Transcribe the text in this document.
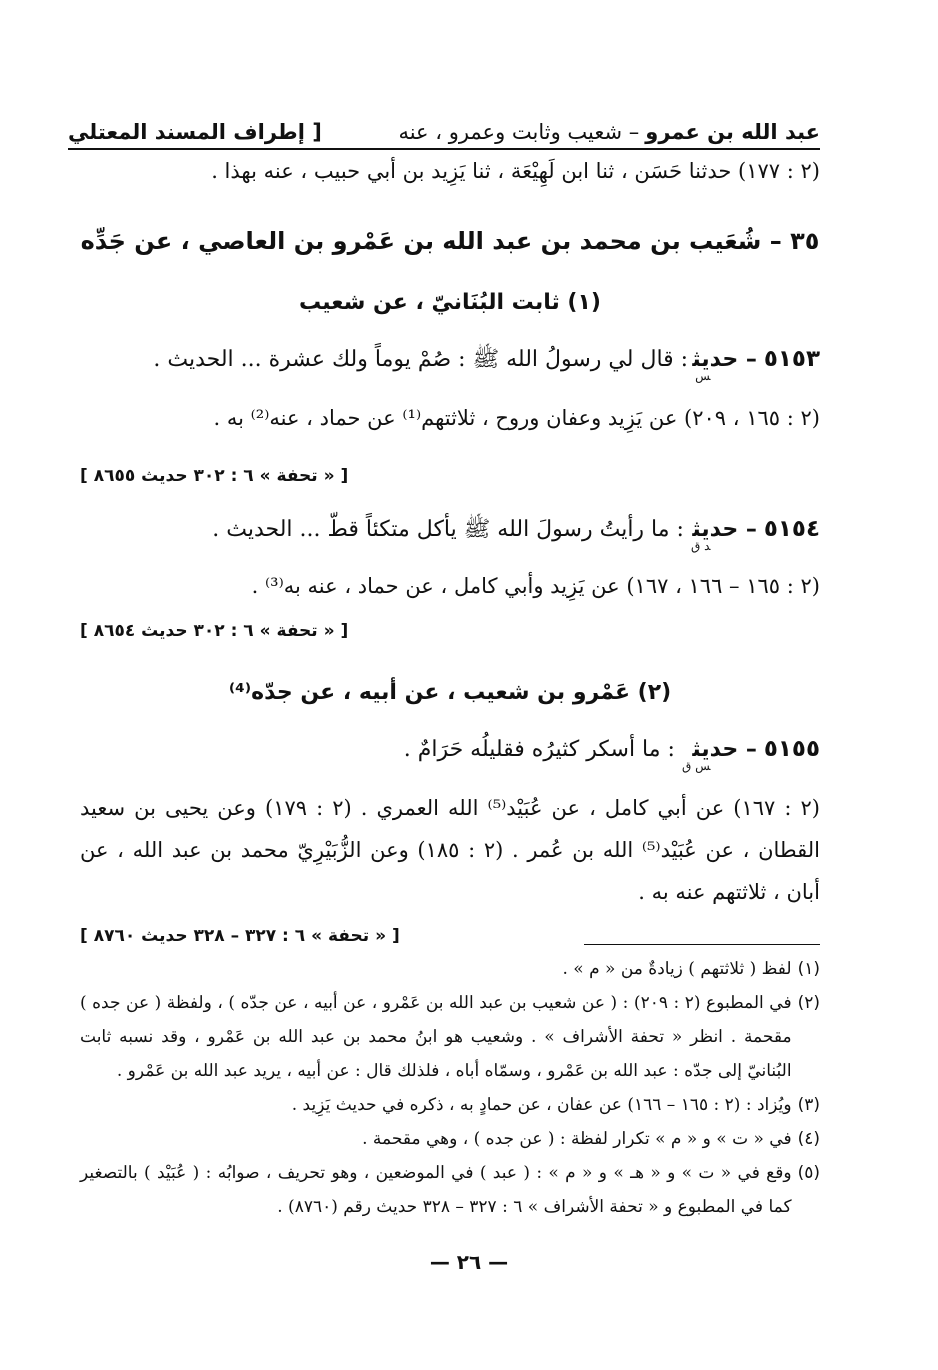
عبد الله بن عمرو
– شعيب وثابت وعمرو ، عنه
[ إطراف المسند المعتلي
(٢ : ١٧٧) حدثنا حَسَن ، ثنا ابن لَهِيْعَة ، ثنا يَزِيد بن أبي حبيب ، عنه بهذا .
٣٥ – شُعَيب بن محمد بن عبد الله بن عَمْرو بن العاصي ، عن جَدِّه
(١) ثابت البُنَانيّ ، عن شعيب
٥١٥٣ – حديث$_س$ : قال لي رسولُ الله ﷺ : صُمْ يوماً ولك عشرة ... الحديث .
(٢ : ١٦٥ ، ٢٠٩) عن يَزِيد وعفان وروح ، ثلاثتهم⁽¹⁾ عن حماد ، عنه⁽²⁾ به .
[ « تحفة » ٦ : ٣٠٢ حديث ٨٦٥٥ ]
٥١٥٤ – حديث$_{د ق}$ : ما رأيتُ رسولَ الله ﷺ يأكل متكئاً قطّ ... الحديث .
(٢ : ١٦٥ – ١٦٦ ، ١٦٧) عن يَزِيد وأبي كامل ، عن حماد ، عنه به⁽³⁾ .
[ « تحفة » ٦ : ٣٠٢ حديث ٨٦٥٤ ]
(٢) عَمْرو بن شعيب ، عن أبيه ، عن جدّه⁽⁴⁾
٥١٥٥ – حديث$_{س ق}$ : ما أسكر كثيرُه فقليلُه حَرَامٌ .
(٢ : ١٦٧) عن أبي كامل ، عن عُبَيْد⁽⁵⁾ الله العمري . (٢ : ١٧٩) وعن يحيى بن سعيد القطان ، عن عُبَيْد⁽⁵⁾ الله بن عُمر . (٢ : ١٨٥) وعن الزُّبَيْرِيّ محمد بن عبد الله ، عن أبان ، ثلاثتهم عنه به .
[ « تحفة » ٦ : ٣٢٧ – ٣٢٨ حديث ٨٧٦٠ ]
(١)
لفظ ( ثلاثتهم ) زيادةٌ من « م » .
(٢)
في المطبوع (٢ : ٢٠٩) : ( عن شعيب بن عبد الله بن عَمْرو ، عن أبيه ، عن جدّه ) ، ولفظة ( عن جده ) مقحمة . انظر « تحفة الأشراف » . وشعيب هو ابنُ محمد بن عبد الله بن عَمْرو ، وقد نسبه ثابت البُنانيّ إلى جدّه : عبد الله بن عَمْرو ، وسمّاه أباه ، فلذلك قال : عن أبيه ، يريد عبد الله بن عَمْرو .
(٣)
ويُزاد : (٢ : ١٦٥ – ١٦٦) عن عفان ، عن حمادٍ به ، ذكره في حديث يَزِيد .
(٤)
في « ت » و « م » تكرار لفظة : ( عن جده ) ، وهي مقحمة .
(٥)
وقع في « ت » و « هـ » و « م » : ( عبد ) في الموضعين ، وهو تحريف ، صوابُه : ( عُبَيْد ) بالتصغير كما في المطبوع و « تحفة الأشراف » ٦ : ٣٢٧ – ٣٢٨ حديث رقم (٨٧٦٠) .
— ٢٦ —
